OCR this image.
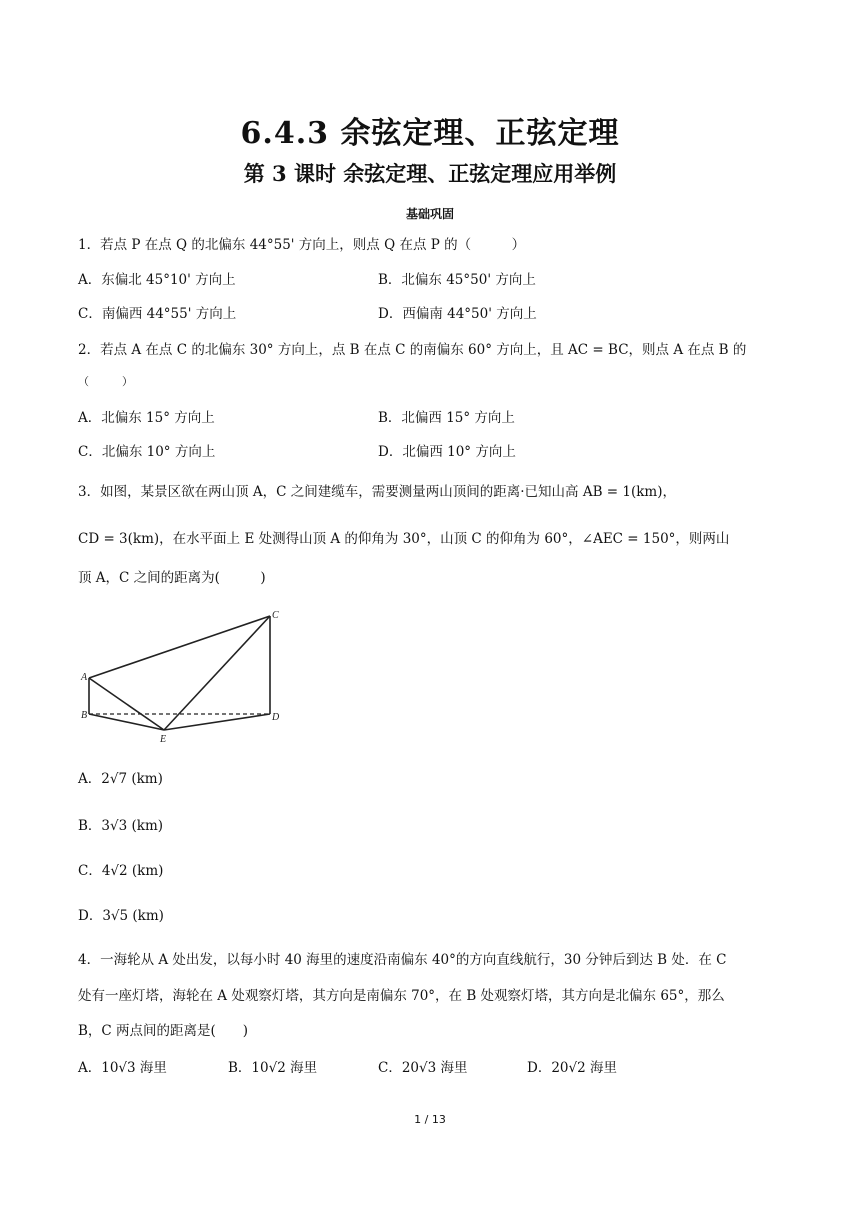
6.4.3 余弦定理、正弦定理
第 3 课时 余弦定理、正弦定理应用举例
基础巩固
1．若点 P 在点 Q 的北偏东 44°55' 方向上，则点 Q 在点 P 的（　　　）
A．东偏北 45°10' 方向上	B．北偏东 45°50' 方向上
C．南偏西 44°55' 方向上	D．西偏南 44°50' 方向上
2．若点 A 在点 C 的北偏东 30° 方向上，点 B 在点 C 的南偏东 60° 方向上，且 AC = BC，则点 A 在点 B 的
（　　　）
A．北偏东 15° 方向上	B．北偏西 15° 方向上
C．北偏东 10° 方向上	D．北偏西 10° 方向上
3．如图，某景区欲在两山顶 A，C 之间建缆车，需要测量两山顶间的距离·已知山高 AB = 1(km)，
CD = 3(km)，在水平面上 E 处测得山顶 A 的仰角为 30°，山顶 C 的仰角为 60°，∠AEC = 150°，则两山
顶 A，C 之间的距离为(　　　)
A
B
C
D
E
A．2√7 (km)
B．3√3 (km)
C．4√2 (km)
D．3√5 (km)
4．一海轮从 A 处出发，以每小时 40 海里的速度沿南偏东 40°的方向直线航行，30 分钟后到达 B 处．在 C
处有一座灯塔，海轮在 A 处观察灯塔，其方向是南偏东 70°，在 B 处观察灯塔，其方向是北偏东 65°，那么
B，C 两点间的距离是(　　)
A．10√3 海里	B．10√2 海里	C．20√3 海里	D．20√2 海里
1 / 13
